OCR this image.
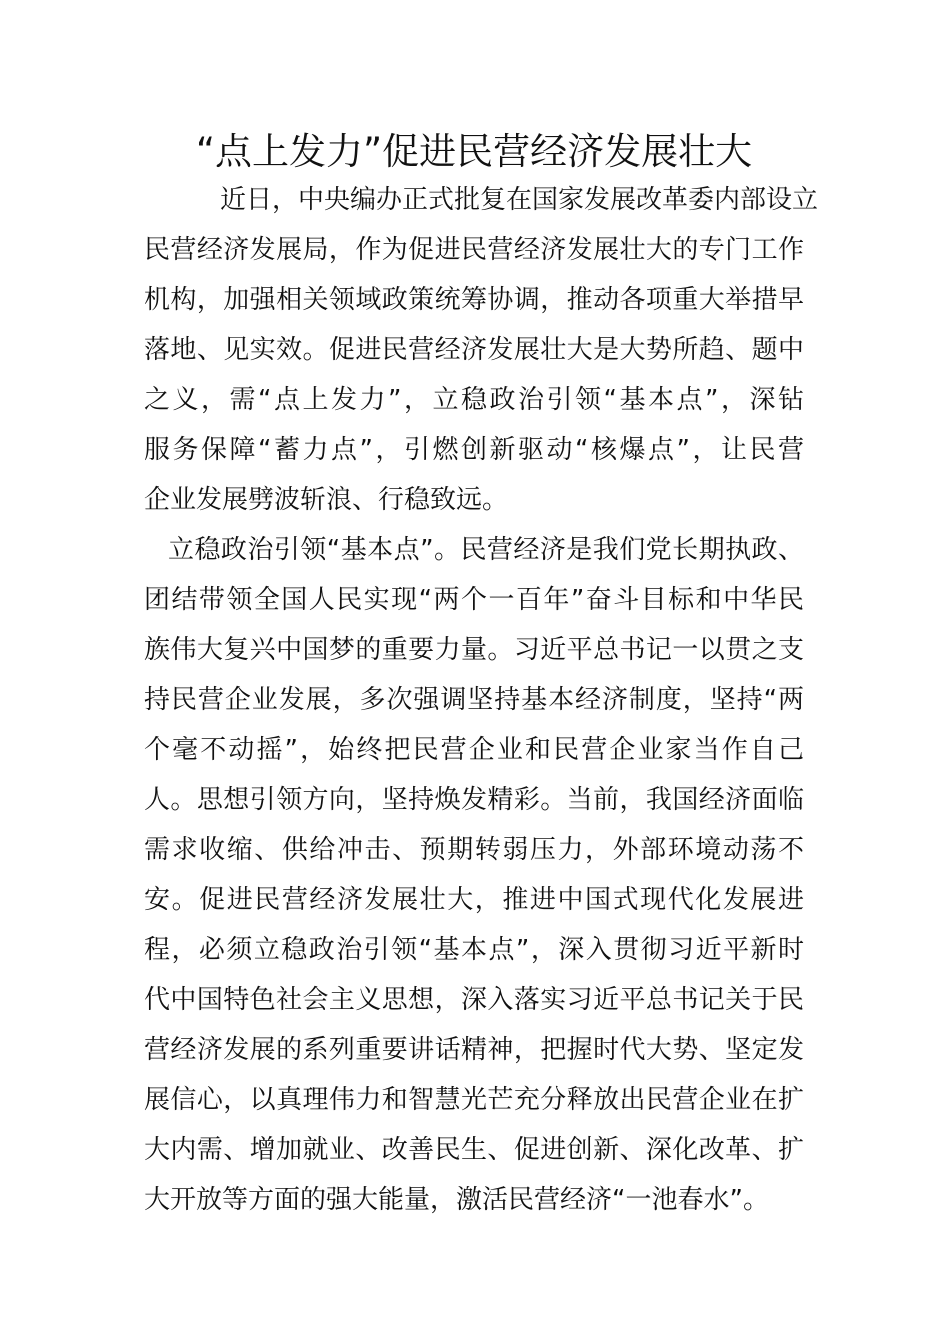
“点上发力”促进民营经济发展壮大
近日，中央编办正式批复在国家发展改革委内部设立
民营经济发展局，作为促进民营经济发展壮大的专门工作
机构，加强相关领域政策统筹协调，推动各项重大举措早
落地、见实效。促进民营经济发展壮大是大势所趋、题中
之义，需“点上发力”，立稳政治引领“基本点”，深钻
服务保障“蓄力点”，引燃创新驱动“核爆点”，让民营
企业发展劈波斩浪、行稳致远。
立稳政治引领“基本点”。民营经济是我们党长期执政、
团结带领全国人民实现“两个一百年”奋斗目标和中华民
族伟大复兴中国梦的重要力量。习近平总书记一以贯之支
持民营企业发展，多次强调坚持基本经济制度，坚持“两
个毫不动摇”，始终把民营企业和民营企业家当作自己
人。思想引领方向，坚持焕发精彩。当前，我国经济面临
需求收缩、供给冲击、预期转弱压力，外部环境动荡不
安。促进民营经济发展壮大，推进中国式现代化发展进
程，必须立稳政治引领“基本点”，深入贯彻习近平新时
代中国特色社会主义思想，深入落实习近平总书记关于民
营经济发展的系列重要讲话精神，把握时代大势、坚定发
展信心，以真理伟力和智慧光芒充分释放出民营企业在扩
大内需、增加就业、改善民生、促进创新、深化改革、扩
大开放等方面的强大能量，激活民营经济“一池春水”。
